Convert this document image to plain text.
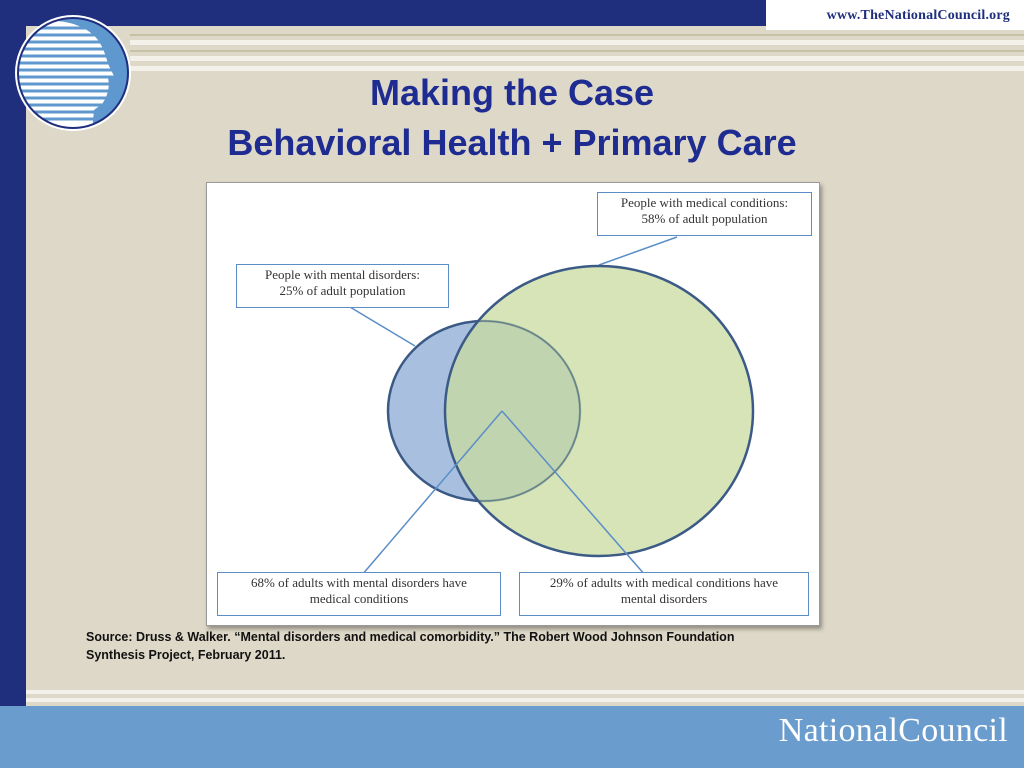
www.TheNationalCouncil.org
Making the Case
Behavioral Health + Primary Care
People with medical conditions:
58% of adult population
People with mental disorders:
25% of adult population
68% of adults with mental disorders have
medical conditions
29% of adults with medical conditions have
mental disorders
Source: Druss & Walker. “Mental disorders and medical comorbidity.” The Robert Wood Johnson Foundation Synthesis Project, February 2011.
NationalCouncil
